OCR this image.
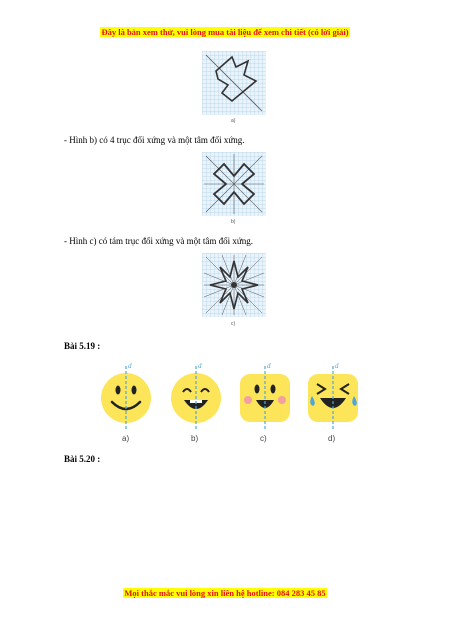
Đây là bản xem thử, vui lòng mua tài liệu để xem chi tiết (có lời giải)
a)
- Hình b) có 4 trục đối xứng và một tâm đối xứng.
b)
- Hình c) có tám trục đối xứng và một tâm đối xứng.
c)
Bài 5.19 :
d	d	d	d
a)	b)	c)	d)
Bài 5.20 :
Mọi thắc mắc vui lòng xin liên hệ hotline: 084 283 45 85
